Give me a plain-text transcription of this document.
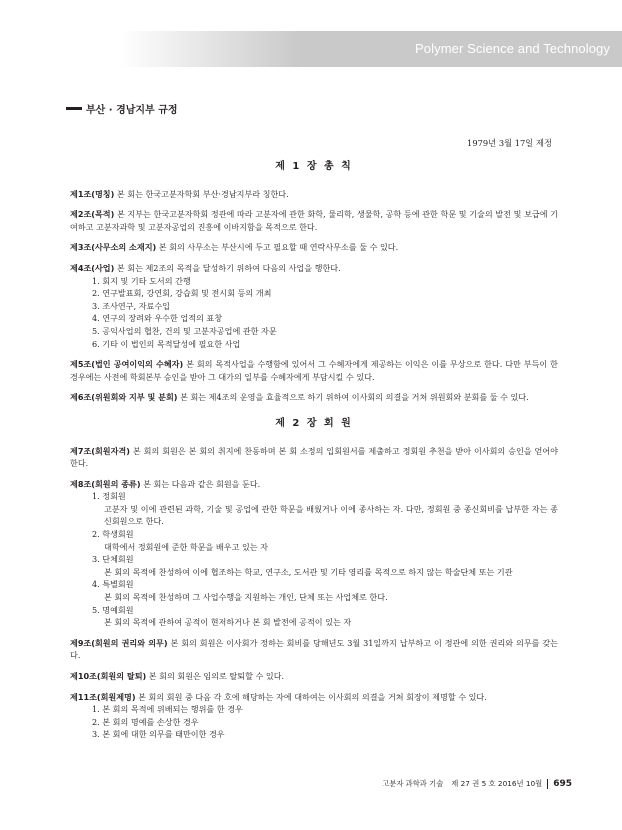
Polymer Science and Technology
부산 · 경남지부 규정
1979년 3월 17일 제정
제 1 장 총 칙

제1조(명칭) 본 회는 한국고분자학회 부산·경남지부라 칭한다.

제2조(목적) 본 지부는 한국고분자학회 정관에 따라 고분자에 관한 화학, 물리학, 생물학, 공학 등에 관한 학문 및 기술의 발전 및 보급에 기여하고 고분자과학 및 고분자공업의 진흥에 이바지함을 목적으로 한다.

제3조(사무소의 소재지) 본 회의 사무소는 부산시에 두고 필요할 때 연락사무소를 둘 수 있다.

제4조(사업) 본 회는 제2조의 목적을 달성하기 위하여 다음의 사업을 행한다.
1. 회지 및 기타 도서의 간행
2. 연구발표회, 강연회, 강습회 및 전시회 등의 개최
3. 조사연구, 자료수입
4. 연구의 장려와 우수한 업적의 표창
5. 공익사업의 협찬, 건의 및 고분자공업에 관한 자문
6. 기타 이 법인의 목적달성에 필요한 사업

제5조(법인 공여이익의 수혜자) 본 회의 목적사업을 수행함에 있어서 그 수혜자에게 제공하는 이익은 이를 무상으로 한다. 다만 부득이 한 경우에는 사전에 학회본부 승인을 받아 그 대가의 일부를 수혜자에게 부담시킬 수 있다.

제6조(위원회와 지부 및 분회) 본 회는 제4조의 운영을 효율적으로 하기 위하여 이사회의 의결을 거쳐 위원회와 분회를 둘 수 있다.

제 2 장 회 원

제7조(회원자격) 본 회의 회원은 본 회의 취지에 찬동하며 본 회 소정의 입회원서를 제출하고 정회원 추천을 받아 이사회의 승인을 얻어야 한다.

제8조(회원의 종류) 본 회는 다음과 같은 회원을 둔다.
1. 정회원
고분자 및 이에 관련된 과학, 기술 및 공업에 관한 학문을 배웠거나 이에 종사하는 자. 다만, 정회원 중 종신회비를 납부한 자는 종신회원으로 한다.
2. 학생회원
대학에서 정회원에 준한 학문을 배우고 있는 자
3. 단체회원
본 회의 목적에 찬성하여 이에 협조하는 학교, 연구소, 도서관 및 기타 영리를 목적으로 하지 않는 학술단체 또는 기관
4. 특별회원
본 회의 목적에 찬성하며 그 사업수행을 지원하는 개인, 단체 또는 사업체로 한다.
5. 명예회원
본 회의 목적에 관하여 공적이 현저하거나 본 회 발전에 공적이 있는 자

제9조(회원의 권리와 의무) 본 회의 회원은 이사회가 정하는 회비를 당해년도 3월 31일까지 납부하고 이 정관에 의한 권리와 의무를 갖는다.

제10조(회원의 탈퇴) 본 회의 회원은 임의로 탈퇴할 수 있다.

제11조(회원제명) 본 회의 회원 중 다음 각 호에 해당하는 자에 대하여는 이사회의 의결을 거쳐 회장이 제명할 수 있다.
1. 본 회의 목적에 위배되는 행위를 한 경우
2. 본 회의 명예를 손상한 경우
3. 본 회에 대한 의무를 태만이한 경우
고분자 과학과 기술 제 27 권 5 호 2016년 10월 695
